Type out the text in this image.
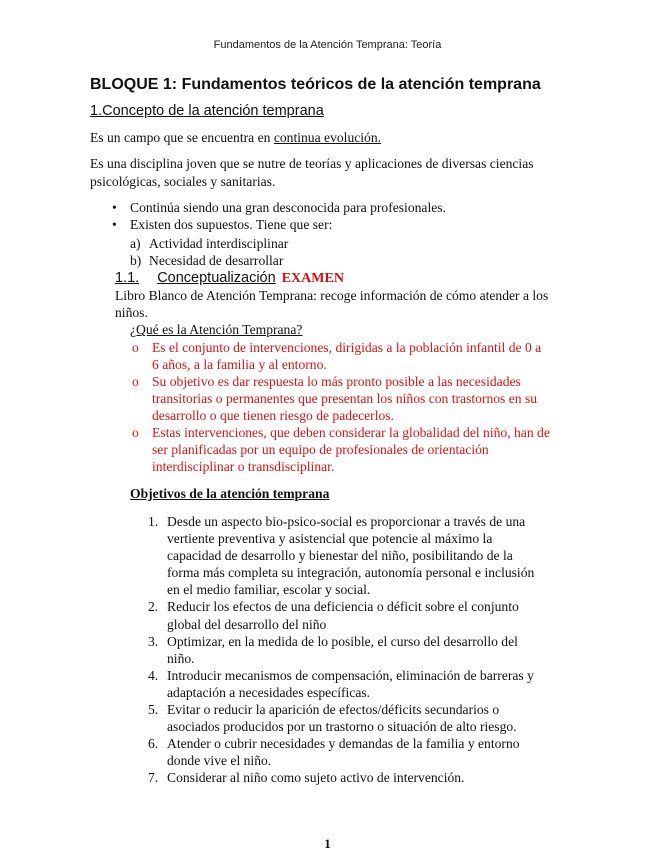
Fundamentos de la Atención Temprana: Teoría
BLOQUE 1: Fundamentos teóricos de la atención temprana
1.Concepto de la atención temprana
Es un campo que se encuentra en continua evolución.
Es una disciplina joven que se nutre de teorías y aplicaciones de diversas ciencias psicológicas, sociales y sanitarias.
• Continúa siendo una gran desconocida para profesionales.
• Existen dos supuestos. Tiene que ser:
a) Actividad interdisciplinar
b) Necesidad de desarrollar
1.1. Conceptualización EXAMEN
Libro Blanco de Atención Temprana: recoge información de cómo atender a los niños.
¿Qué es la Atención Temprana?
o Es el conjunto de intervenciones, dirigidas a la población infantil de 0 a 6 años, a la familia y al entorno.
o Su objetivo es dar respuesta lo más pronto posible a las necesidades transitorias o permanentes que presentan los niños con trastornos en su desarrollo o que tienen riesgo de padecerlos.
o Estas intervenciones, que deben considerar la globalidad del niño, han de ser planificadas por un equipo de profesionales de orientación interdisciplinar o transdisciplinar.
Objetivos de la atención temprana
1. Desde un aspecto bio-psico-social es proporcionar a través de una vertiente preventiva y asistencial que potencie al máximo la capacidad de desarrollo y bienestar del niño, posibilitando de la forma más completa su integración, autonomía personal e inclusión en el medio familiar, escolar y social.
2. Reducir los efectos de una deficiencia o déficit sobre el conjunto global del desarrollo del niño
3. Optimizar, en la medida de lo posible, el curso del desarrollo del niño.
4. Introducir mecanismos de compensación, eliminación de barreras y adaptación a necesidades específicas.
5. Evitar o reducir la aparición de efectos/déficits secundarios o asociados producidos por un trastorno o situación de alto riesgo.
6. Atender o cubrir necesidades y demandas de la familia y entorno donde vive el niño.
7. Considerar al niño como sujeto activo de intervención.
1
